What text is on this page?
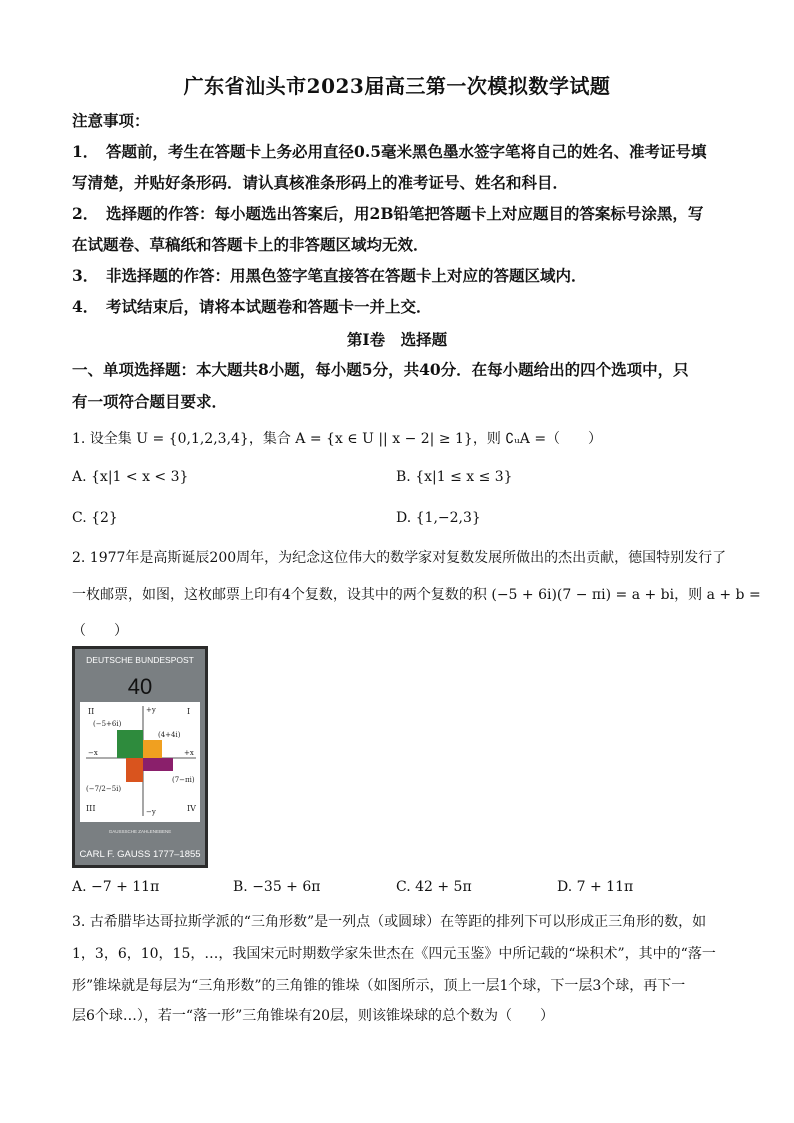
广东省汕头市2023届高三第一次模拟数学试题
注意事项：
1．　答题前，考生在答题卡上务必用直径0.5毫米黑色墨水签字笔将自己的姓名、准考证号填
写清楚，并贴好条形码．请认真核准条形码上的准考证号、姓名和科目．
2．　选择题的作答：每小题选出答案后，用2B铅笔把答题卡上对应题目的答案标号涂黑，写
在试题卷、草稿纸和答题卡上的非答题区域均无效．
3．　非选择题的作答：用黑色签字笔直接答在答题卡上对应的答题区域内．
4．　考试结束后，请将本试题卷和答题卡一并上交．
第Ⅰ卷　选择题
一、单项选择题：本大题共8小题，每小题5分，共40分．在每小题给出的四个选项中，只
有一项符合题目要求．
1. 设全集 U = {0,1,2,3,4}，集合 A = {x ∈ U || x − 2| ≥ 1}，则 ∁ᵤA =（　　）
A. {x|1 < x < 3}	B. {x|1 ≤ x ≤ 3}
C. {2}	D. {1,−2,3}
2. 1977年是高斯诞辰200周年，为纪念这位伟大的数学家对复数发展所做出的杰出贡献，德国特别发行了
一枚邮票，如图，这枚邮票上印有4个复数，设其中的两个复数的积 (−5 + 6i)(7 − πi) = a + bi，则 a + b =
（　　）
DEUTSCHE BUNDESPOST
40
II	I
III	IV
+y
−x	+x
−y
(−5+6i)
(4+4i)
(7−πi)
(−7/2−5i)
GAUSSSCHE ZAHLENEBENE
CARL F. GAUSS 1777–1855
A. −7 + 11π	B. −35 + 6π	C. 42 + 5π	D. 7 + 11π
3. 古希腊毕达哥拉斯学派的“三角形数”是一列点（或圆球）在等距的排列下可以形成正三角形的数，如
1，3，6，10，15，…，我国宋元时期数学家朱世杰在《四元玉鉴》中所记载的“垛积术”，其中的“落一
形”锥垛就是每层为“三角形数”的三角锥的锥垛（如图所示，顶上一层1个球，下一层3个球，再下一
层6个球…），若一“落一形”三角锥垛有20层，则该锥垛球的总个数为（　　）
